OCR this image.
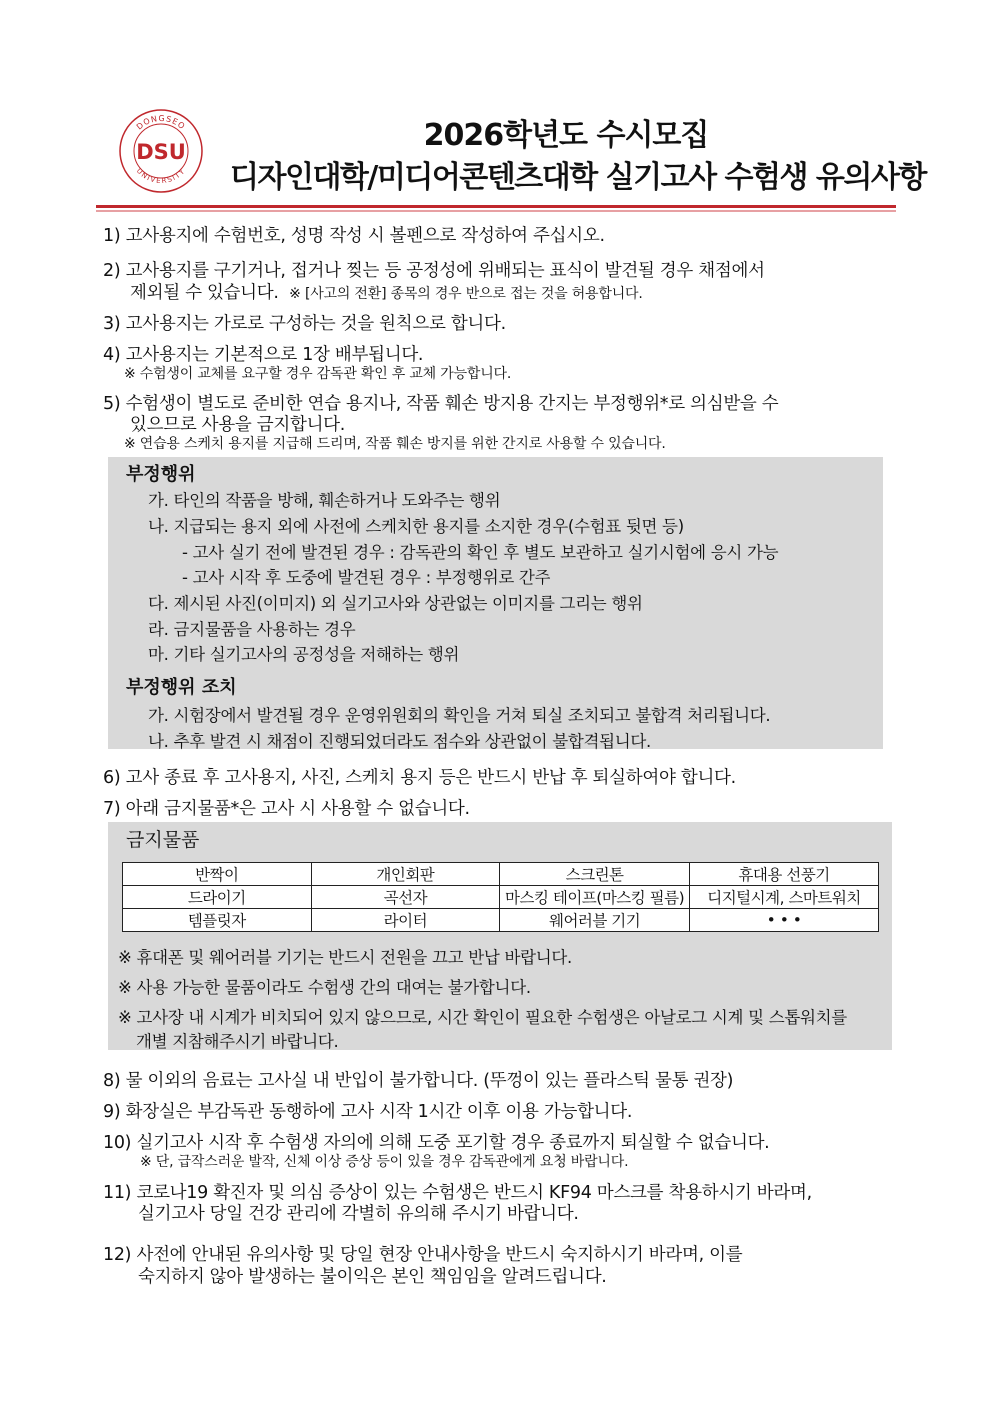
DONGSEO
UNIVERSITY
DSU	2026학년도 수시모집
디자인대학/미디어콘텐츠대학 실기고사 수험생 유의사항
1) 고사용지에 수험번호, 성명 작성 시 볼펜으로 작성하여 주십시오.
2) 고사용지를 구기거나, 접거나 찢는 등 공정성에 위배되는 표식이 발견될 경우 채점에서
제외될 수 있습니다. ※ [사고의 전환] 종목의 경우 반으로 접는 것을 허용합니다.
3) 고사용지는 가로로 구성하는 것을 원칙으로 합니다.
4) 고사용지는 기본적으로 1장 배부됩니다.
※ 수험생이 교체를 요구할 경우 감독관 확인 후 교체 가능합니다.
5) 수험생이 별도로 준비한 연습 용지나, 작품 훼손 방지용 간지는 부정행위*로 의심받을 수
있으므로 사용을 금지합니다.
※ 연습용 스케치 용지를 지급해 드리며, 작품 훼손 방지를 위한 간지로 사용할 수 있습니다.
부정행위
가. 타인의 작품을 방해, 훼손하거나 도와주는 행위
나. 지급되는 용지 외에 사전에 스케치한 용지를 소지한 경우(수험표 뒷면 등)
- 고사 실기 전에 발견된 경우 : 감독관의 확인 후 별도 보관하고 실기시험에 응시 가능
- 고사 시작 후 도중에 발견된 경우 : 부정행위로 간주
다. 제시된 사진(이미지) 외 실기고사와 상관없는 이미지를 그리는 행위
라. 금지물품을 사용하는 경우
마. 기타 실기고사의 공정성을 저해하는 행위
부정행위 조치
가. 시험장에서 발견될 경우 운영위원회의 확인을 거쳐 퇴실 조치되고 불합격 처리됩니다.
나. 추후 발견 시 채점이 진행되었더라도 점수와 상관없이 불합격됩니다.
6) 고사 종료 후 고사용지, 사진, 스케치 용지 등은 반드시 반납 후 퇴실하여야 합니다.
7) 아래 금지물품*은 고사 시 사용할 수 없습니다.
금지물품
※ 휴대폰 및 웨어러블 기기는 반드시 전원을 끄고 반납 바랍니다.
※ 사용 가능한 물품이라도 수험생 간의 대여는 불가합니다.
※ 고사장 내 시계가 비치되어 있지 않으므로, 시간 확인이 필요한 수험생은 아날로그 시계 및 스톱워치를
개별 지참해주시기 바랍니다.
반짝이	개인회판	스크린톤	휴대용 선풍기
드라이기	곡선자	마스킹 테이프(마스킹 필름)	디지털시계, 스마트워치
템플릿자	라이터	웨어러블 기기	• • •
8) 물 이외의 음료는 고사실 내 반입이 불가합니다. (뚜껑이 있는 플라스틱 물통 권장)
9) 화장실은 부감독관 동행하에 고사 시작 1시간 이후 이용 가능합니다.
10) 실기고사 시작 후 수험생 자의에 의해 도중 포기할 경우 종료까지 퇴실할 수 없습니다.
※ 단, 급작스러운 발작, 신체 이상 증상 등이 있을 경우 감독관에게 요청 바랍니다.
11) 코로나19 확진자 및 의심 증상이 있는 수험생은 반드시 KF94 마스크를 착용하시기 바라며,
실기고사 당일 건강 관리에 각별히 유의해 주시기 바랍니다.
12) 사전에 안내된 유의사항 및 당일 현장 안내사항을 반드시 숙지하시기 바라며, 이를
숙지하지 않아 발생하는 불이익은 본인 책임임을 알려드립니다.
